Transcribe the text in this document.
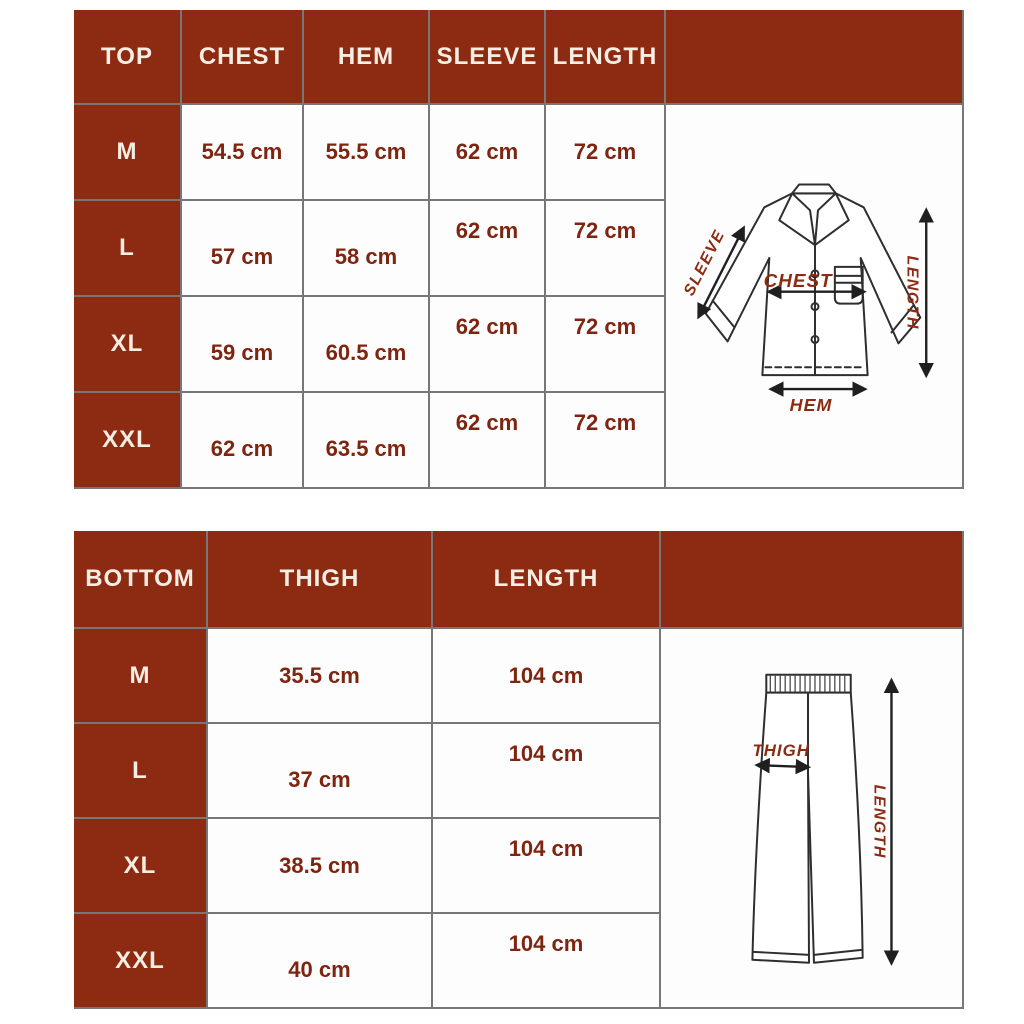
TOP	CHEST	HEM	SLEEVE	LENGTH	
M	54.5 cm	55.5 cm	62 cm	72 cm	SLEEVE CHEST LENGTH
HEM

L	57 cm	58 cm	62 cm	72 cm	
XL	59 cm	60.5 cm	62 cm	72 cm	
XXL	62 cm	63.5 cm	62 cm	72 cm	
BOTTOM	THIGH	LENGTH	
M	35.5 cm	104 cm	THIGH
LENGTH

L	37 cm	104 cm	
XL	38.5 cm	104 cm	
XXL	40 cm	104 cm	
